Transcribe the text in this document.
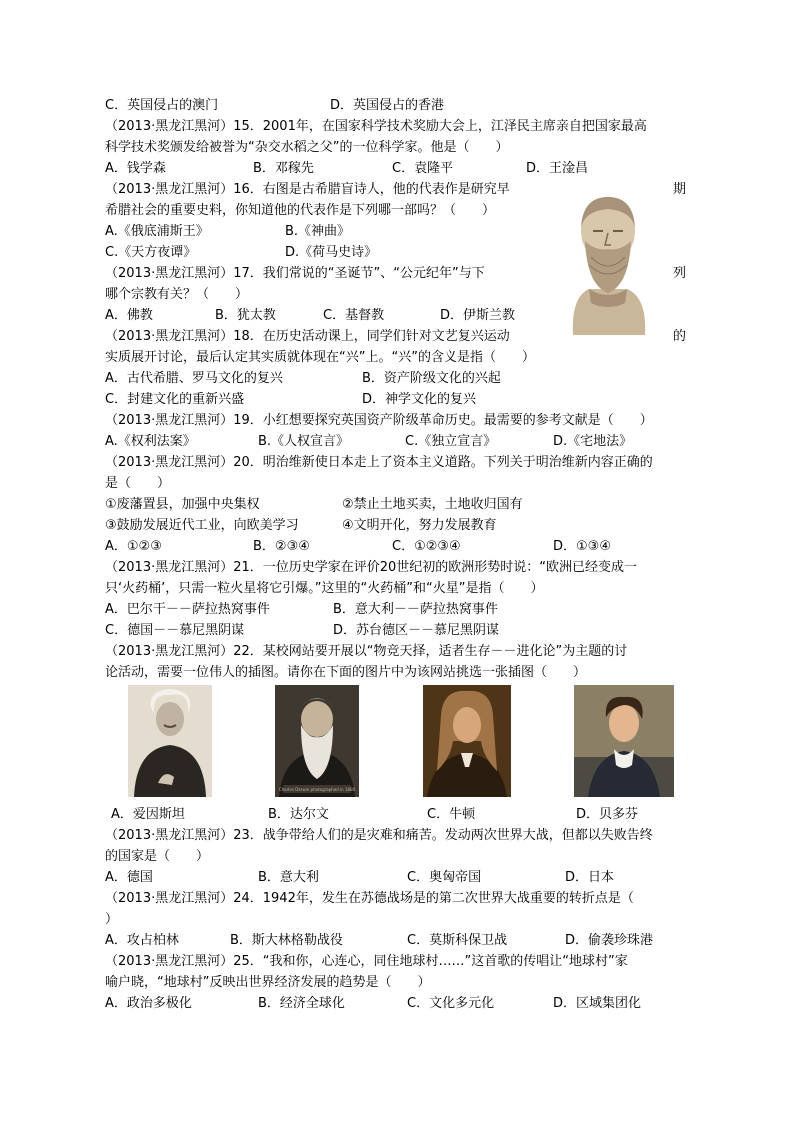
C．英国侵占的澳门	D．英国侵占的香港
（2013·黑龙江黑河）15．2001年，在国家科学技术奖励大会上，江泽民主席亲自把国家最高
科学技术奖颁发给被誉为“杂交水稻之父”的一位科学家。他是（　　）
A．钱学森	B．邓稼先	C．袁隆平	D．王淦昌
（2013·黑龙江黑河）16．右图是古希腊盲诗人，他的代表作是研究早	期
希腊社会的重要史料，你知道他的代表作是下列哪一部吗？（　　）
A.《俄底浦斯王》	B.《神曲》
C.《天方夜谭》	D.《荷马史诗》
（2013·黑龙江黑河）17．我们常说的“圣诞节”、“公元纪年”与下	列
哪个宗教有关？（　　）
A．佛教	B．犹太教	C．基督教	D．伊斯兰教
（2013·黑龙江黑河）18．在历史活动课上，同学们针对文艺复兴运动	的
实质展开讨论，最后认定其实质就体现在“兴”上。“兴”的含义是指（　　）
A．古代希腊、罗马文化的复兴	B．资产阶级文化的兴起
C．封建文化的重新兴盛	D．神学文化的复兴
（2013·黑龙江黑河）19．小红想要探究英国资产阶级革命历史。最需要的参考文献是（　　）
A.《权利法案》	B.《人权宣言》	C.《独立宣言》	D.《宅地法》
（2013·黑龙江黑河）20．明治维新使日本走上了资本主义道路。下列关于明治维新内容正确的
是（　　）
①废藩置县，加强中央集权	②禁止土地买卖，土地收归国有
③鼓励发展近代工业，向欧美学习	④文明开化，努力发展教育
A．①②③	B．②③④	C．①②③④	D．①③④
（2013·黑龙江黑河）21．一位历史学家在评价20世纪初的欧洲形势时说：“欧洲已经变成一
只‘火药桶’，只需一粒火星将它引爆。”这里的“火药桶”和“火星”是指（　　）
A．巴尔干－－萨拉热窝事件	B．意大利－－萨拉热窝事件
C．德国－－慕尼黑阴谋	D．苏台德区－－慕尼黑阴谋
（2013·黑龙江黑河）22．某校网站要开展以“物竞天择，适者生存－－进化论”为主题的讨
论活动，需要一位伟人的插图。请你在下面的图片中为该网站挑选一张插图（　　）
Charles Darwin photographed in 1880
A．爱因斯坦	B．达尔文	C．牛顿	D．贝多芬
（2013·黑龙江黑河）23．战争带给人们的是灾难和痛苦。发动两次世界大战，但都以失败告终
的国家是（　　）
A．德国	B．意大利	C．奥匈帝国	D．日本
（2013·黑龙江黑河）24．1942年，发生在苏德战场是的第二次世界大战重要的转折点是（
）
A．攻占柏林	B．斯大林格勒战役	C．莫斯科保卫战	D．偷袭珍珠港
（2013·黑龙江黑河）25．“我和你，心连心，同住地球村……”这首歌的传唱让“地球村”家
喻户晓，“地球村”反映出世界经济发展的趋势是（　　）
A．政治多极化	B．经济全球化	C．文化多元化	D．区域集团化
